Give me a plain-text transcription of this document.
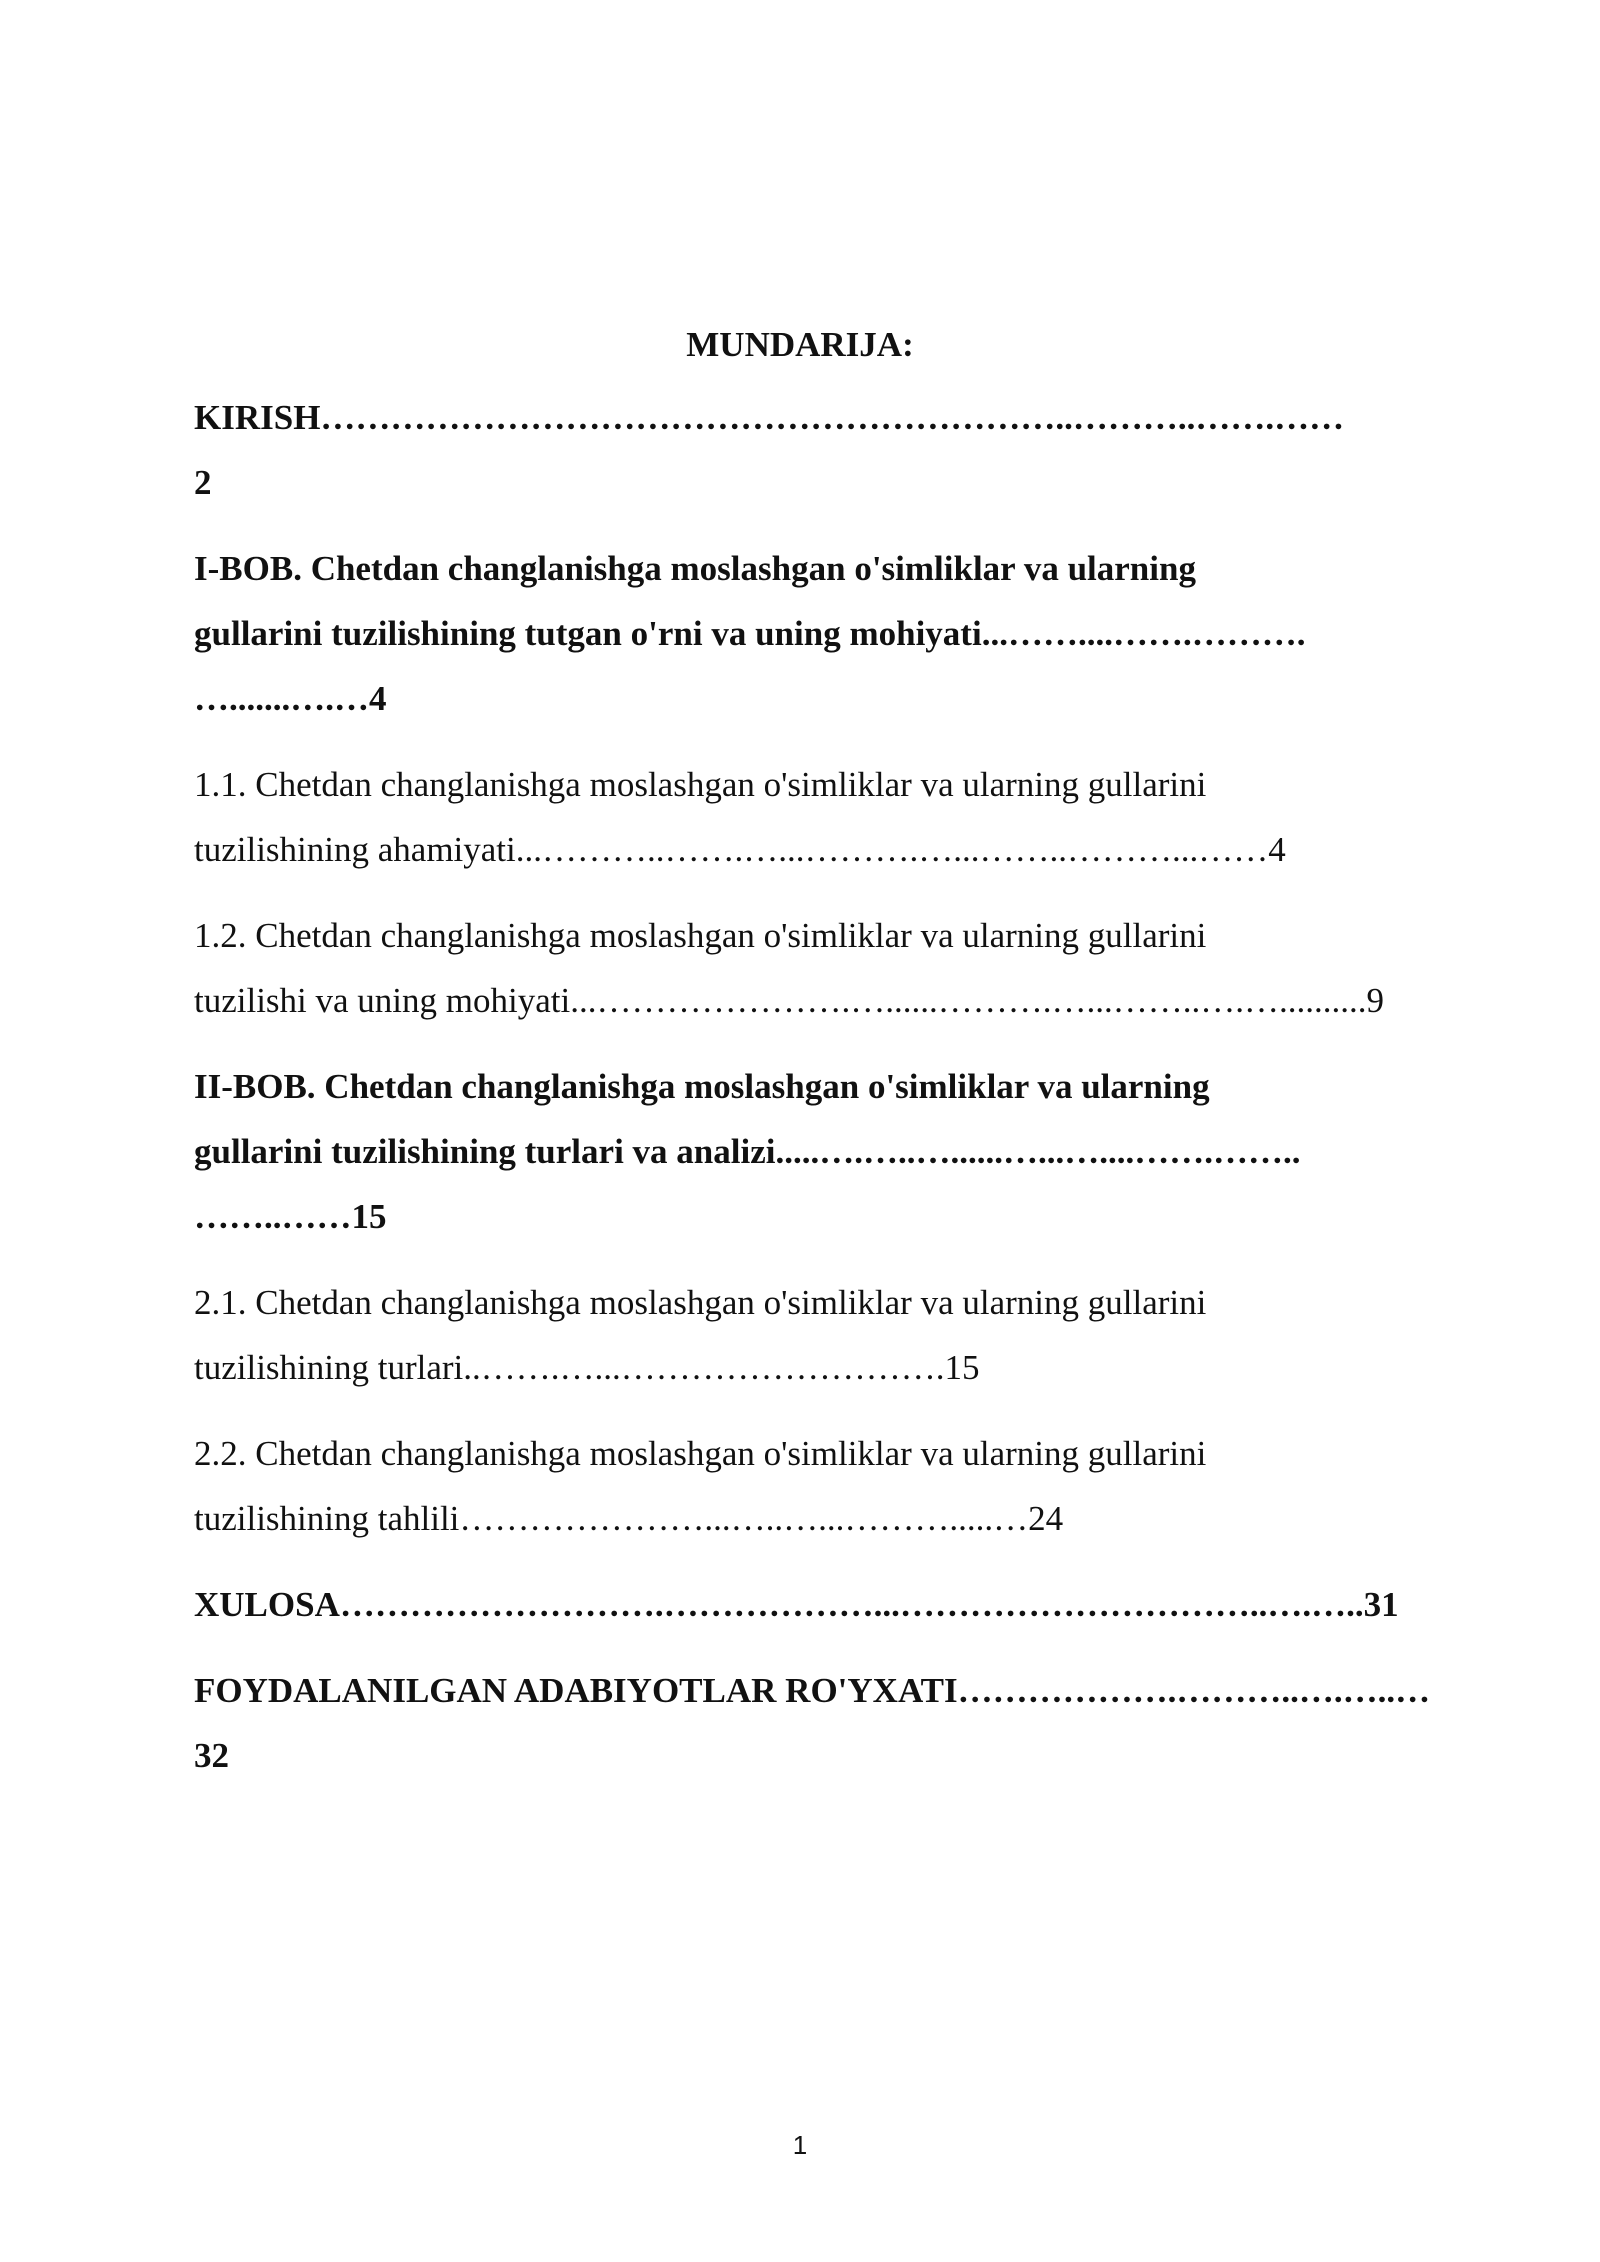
MUNDARIJA:
KIRISH………………………………………………………..………..…….……
2
I-BOB. Chetdan changlanishga moslashgan o'simliklar va ularning
gullarini tuzilishining tutgan o'rni va uning mohiyati...……....…….……….
….......….…4
1.1. Chetdan changlanishga moslashgan o'simliklar va ularning gullarini
tuzilishining ahamiyati...………..…….…...……….…...……..………...……4
1.2. Chetdan changlanishga moslashgan o'simliklar va ularning gullarini
tuzilishi va uning mohiyati...………………….…......……….…...……..….…..........9
II-BOB. Chetdan changlanishga moslashgan o'simliklar va ularning
gullarini tuzilishining turlari va analizi.....….…..…......…...…....…….……..
……..……15
2.1. Chetdan changlanishga moslashgan o'simliklar va ularning gullarini
tuzilishining turlari..…….…...……………………….15
2.2. Chetdan changlanishga moslashgan o'simliklar va ularning gullarini
tuzilishining tahlili…………………...…..…...……….....…24
XULOSA……………………….………………...…………………………..….…..31
FOYDALANILGAN ADABIYOTLAR RO'YXATI……………….………..….…..…
32
1
